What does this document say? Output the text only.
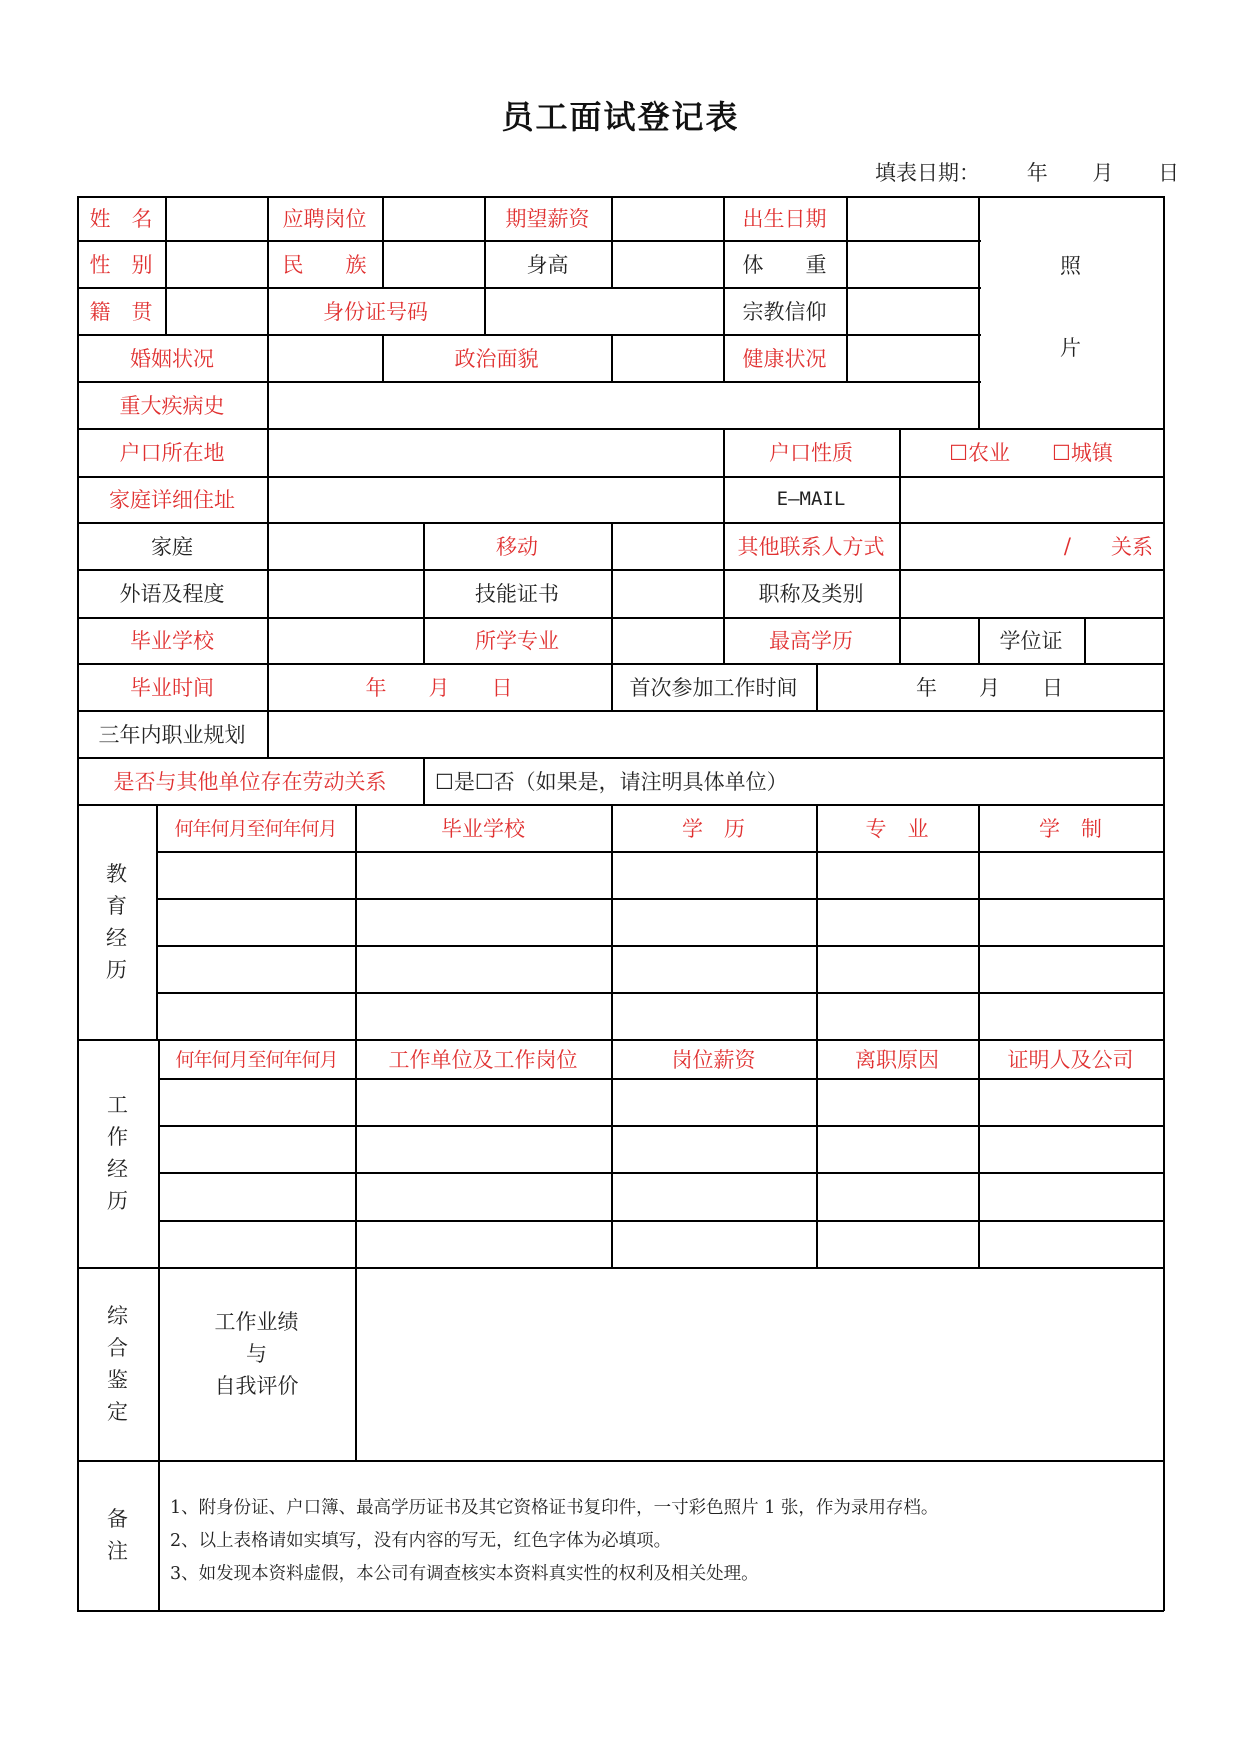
员工面试登记表
填表日期： 年 月 日
姓　名	应聘岗位	期望薪资	出生日期
照
片
性　别	民　　族	身高	体　　重
籍　贯	身份证号码	宗教信仰
婚姻状况	政治面貌	健康状况
重大疾病史
户口所在地	户口性质	☐农业　　☐城镇
家庭详细住址	E—MAIL
家庭	移动	其他联系人方式	/ 关系
外语及程度	技能证书	职称及类别
毕业学校	所学专业	最高学历	学位证
毕业时间	年　　月　　日	首次参加工作时间	年　　月　　日
三年内职业规划
是否与其他单位存在劳动关系	☐是☐否（如果是，请注明具体单位）
教
育
经
历
何年何月至何年何月	毕业学校	学　历	专　业	学　制
工
作
经
历
何年何月至何年何月	工作单位及工作岗位	岗位薪资	离职原因	证明人及公司
综
合
鉴
定
工作业绩
与
自我评价
备
注
1、附身份证、户口簿、最高学历证书及其它资格证书复印件，一寸彩色照片 1 张，作为录用存档。
2、以上表格请如实填写，没有内容的写无，红色字体为必填项。
3、如发现本资料虚假，本公司有调查核实本资料真实性的权利及相关处理。
